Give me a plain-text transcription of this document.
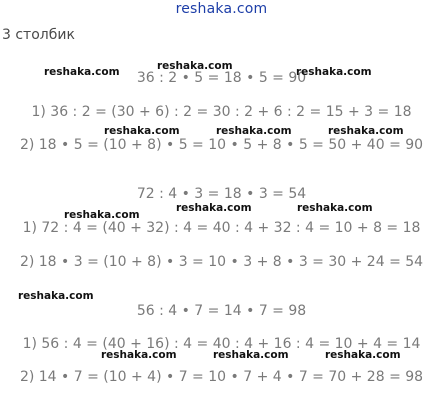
reshaka.com
3 столбик
36 : 2 • 5 = 18 • 5 = 90
1) 36 : 2 = (30 + 6) : 2 = 30 : 2 + 6 : 2 = 15 + 3 = 18
2) 18 • 5 = (10 + 8) • 5 = 10 • 5 + 8 • 5 = 50 + 40 = 90
72 : 4 • 3 = 18 • 3 = 54
1) 72 : 4 = (40 + 32) : 4 = 40 : 4 + 32 : 4 = 10 + 8 = 18
2) 18 • 3 = (10 + 8) • 3 = 10 • 3 + 8 • 3 = 30 + 24 = 54
56 : 4 • 7 = 14 • 7 = 98
1) 56 : 4 = (40 + 16) : 4 = 40 : 4 + 16 : 4 = 10 + 4 = 14
2) 14 • 7 = (10 + 4) • 7 = 10 • 7 + 4 • 7 = 70 + 28 = 98
reshaka.com	reshaka.com	reshaka.com
reshaka.com	reshaka.com	reshaka.com
reshaka.com	reshaka.com
reshaka.com
reshaka.com
reshaka.com	reshaka.com	reshaka.com
